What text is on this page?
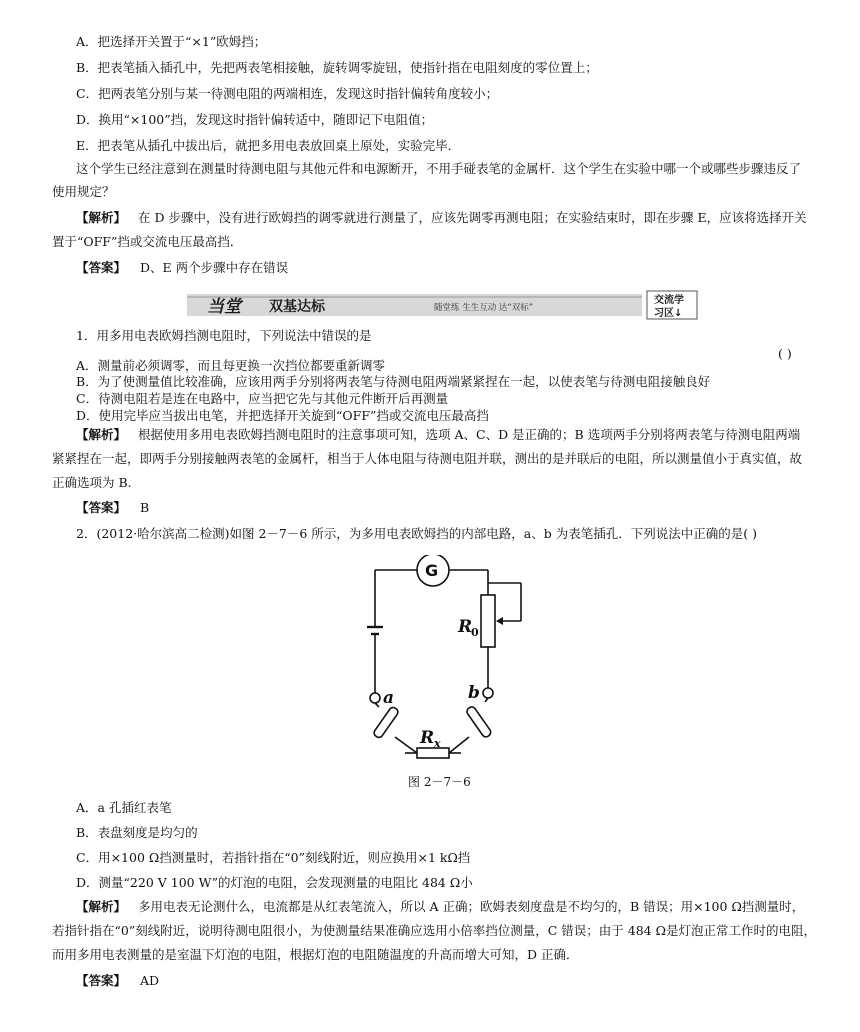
A．把选择开关置于“×1”欧姆挡；
B．把表笔插入插孔中，先把两表笔相接触，旋转调零旋钮，使指针指在电阻刻度的零位置上；
C．把两表笔分别与某一待测电阻的两端相连，发现这时指针偏转角度较小；
D．换用“×100”挡，发现这时指针偏转适中，随即记下电阻值；
E．把表笔从插孔中拔出后，就把多用电表放回桌上原处，实验完毕．
这个学生已经注意到在测量时待测电阻与其他元件和电源断开，不用手碰表笔的金属杆．这个学生在实验中哪一个或哪些步骤违反了
使用规定？
【解析】 在 D 步骤中，没有进行欧姆挡的调零就进行测量了，应该先调零再测电阻；在实验结束时，即在步骤 E，应该将选择开关
置于“OFF”挡或交流电压最高挡．
【答案】 D、E 两个步骤中存在错误
当堂 双基达标	随堂练 生生互动 达“双标”
交流学
习区↓
1．用多用电表欧姆挡测电阻时，下列说法中错误的是
( )
A．测量前必须调零，而且每更换一次挡位都要重新调零
B．为了使测量值比较准确，应该用两手分别将两表笔与待测电阻两端紧紧捏在一起，以使表笔与待测电阻接触良好
C．待测电阻若是连在电路中，应当把它先与其他元件断开后再测量
D．使用完毕应当拔出电笔，并把选择开关旋到“OFF”挡或交流电压最高挡
【解析】 根据使用多用电表欧姆挡测电阻时的注意事项可知，选项 A、C、D 是正确的；B 选项两手分别将两表笔与待测电阻两端
紧紧捏在一起，即两手分别接触两表笔的金属杆，相当于人体电阻与待测电阻并联，测出的是并联后的电阻，所以测量值小于真实值，故
正确选项为 B.
【答案】 B
2．(2012·哈尔滨高二检测)如图 2－7－6 所示，为多用电表欧姆挡的内部电路，a、b 为表笔插孔．下列说法中正确的是( )
G
R
0
a	b
R x
图 2－7－6
A．a 孔插红表笔
B．表盘刻度是均匀的
C．用×100 Ω挡测量时，若指针指在“0”刻线附近，则应换用×1 kΩ挡
D．测量“220 V 100 W”的灯泡的电阻，会发现测量的电阻比 484 Ω小
【解析】 多用电表无论测什么，电流都是从红表笔流入，所以 A 正确；欧姆表刻度盘是不均匀的，B 错误；用×100 Ω挡测量时，
若指针指在“0”刻线附近，说明待测电阻很小，为使测量结果准确应选用小倍率挡位测量，C 错误；由于 484 Ω是灯泡正常工作时的电阻，
而用多用电表测量的是室温下灯泡的电阻，根据灯泡的电阻随温度的升高而增大可知，D 正确．
【答案】 AD
